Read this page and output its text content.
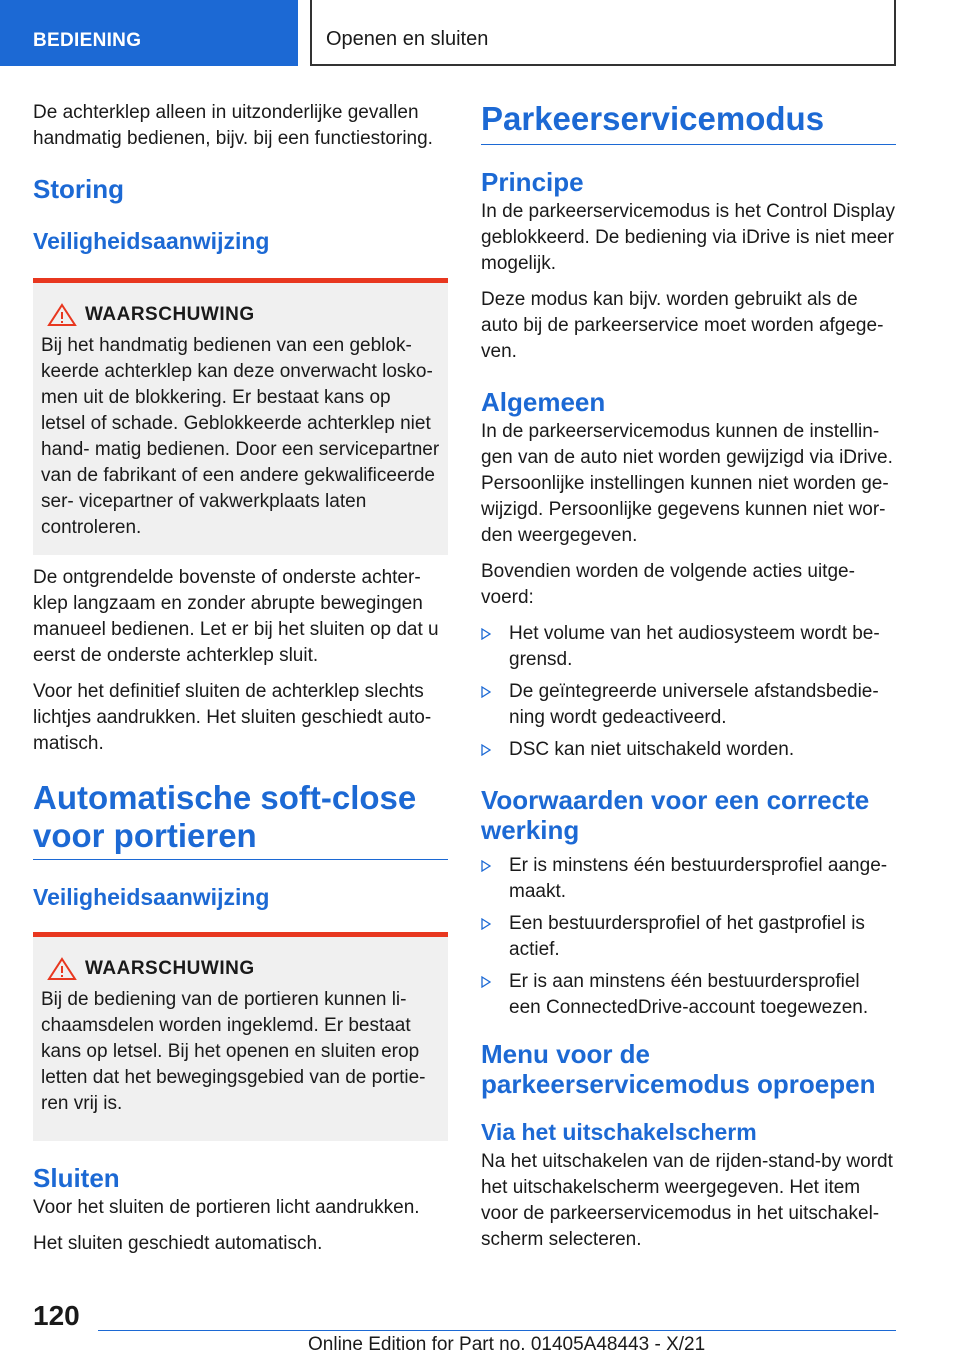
BEDIENING	Openen en sluiten

De achterklep alleen in uitzonderlijke gevallen handmatig bedienen, bijv. bij een functiestoring.

Storing
Veiligheidsaanwijzing
WAARSCHUWING

Bij het handmatig bedienen van een geblok- keerde achterklep kan deze onverwacht losko- men uit de blokkering. Er bestaat kans op letsel of schade. Geblokkeerde achterklep niet hand- matig bedienen. Door een servicepartner van de fabrikant of een andere gekwalificeerde ser- vicepartner of vakwerkplaats laten controleren.

De ontgrendelde bovenste of onderste achter- klep langzaam en zonder abrupte bewegingen manueel bedienen. Let er bij het sluiten op dat u eerst de onderste achterklep sluit.

Voor het definitief sluiten de achterklep slechts lichtjes aandrukken. Het sluiten geschiedt auto- matisch.

Automatische soft-close voor portieren
Veiligheidsaanwijzing
WAARSCHUWING

Bij de bediening van de portieren kunnen li- chaamsdelen worden ingeklemd. Er bestaat kans op letsel. Bij het openen en sluiten erop letten dat het bewegingsgebied van de portie- ren vrij is.

Sluiten

Voor het sluiten de portieren licht aandrukken.

Het sluiten geschiedt automatisch.

Parkeerservicemodus
Principe

In de parkeerservicemodus is het Control Display geblokkeerd. De bediening via iDrive is niet meer mogelijk.

Deze modus kan bijv. worden gebruikt als de auto bij de parkeerservice moet worden afgege- ven.

Algemeen

In de parkeerservicemodus kunnen de instellin- gen van de auto niet worden gewijzigd via iDrive. Persoonlijke instellingen kunnen niet worden ge- wijzigd. Persoonlijke gegevens kunnen niet wor- den weergegeven.

Bovendien worden de volgende acties uitge- voerd:

Het volume van het audiosysteem wordt be- grensd.
De geïntegreerde universele afstandsbedie- ning wordt gedeactiveerd.
DSC kan niet uitschakeld worden.
Voorwaarden voor een correcte werking
Er is minstens één bestuurdersprofiel aange- maakt.
Een bestuurdersprofiel of het gastprofiel is actief.
Er is aan minstens één bestuurdersprofiel een ConnectedDrive-account toegewezen.
Menu voor de parkeerservicemodus oproepen
Via het uitschakelscherm

Na het uitschakelen van de rijden-stand-by wordt het uitschakelscherm weergegeven. Het item voor de parkeerservicemodus in het uitschakel- scherm selecteren.

120
Online Edition for Part no. 01405A48443 - X/21
